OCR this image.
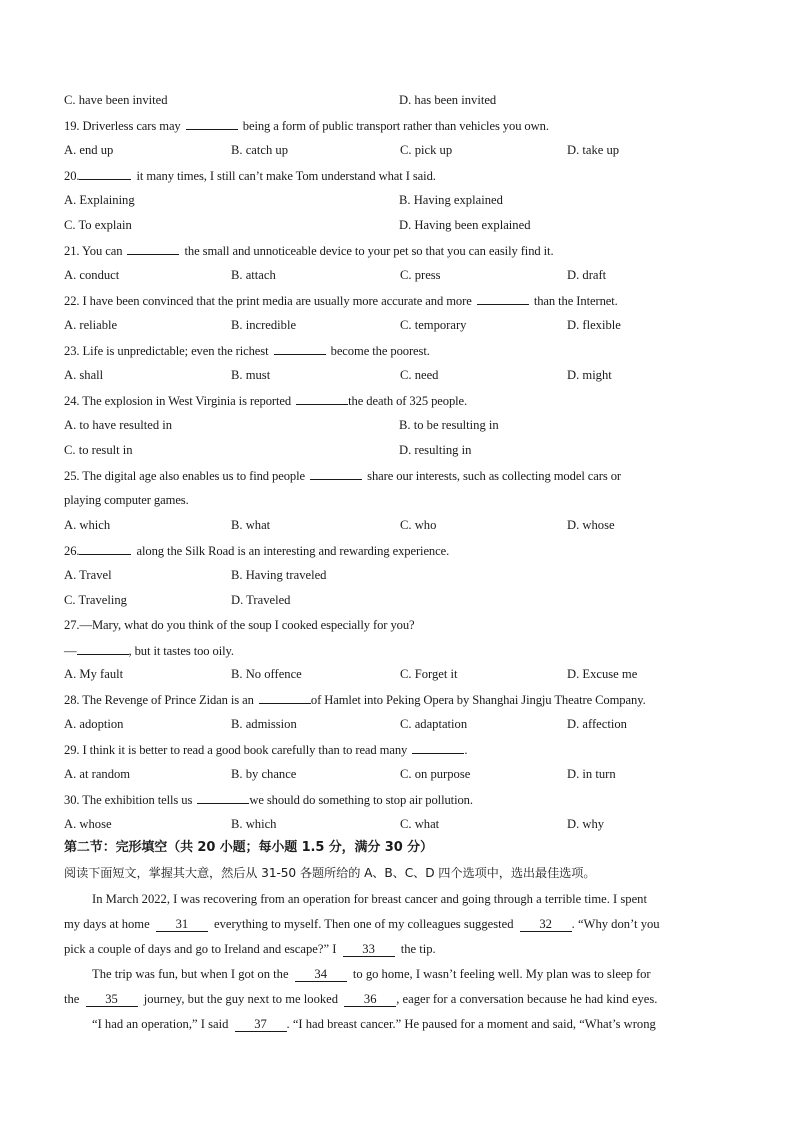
C. have been invited	D. has been invited
19. Driverless cars may	being a form of public transport rather than vehicles you own.
A. end up	B. catch up	C. pick up	D. take up
20.	it many times, I still can’t make Tom understand what I said.
A. Explaining	B. Having explained
C. To explain	D. Having been explained
21. You can	the small and unnoticeable device to your pet so that you can easily find it.
A. conduct	B. attach	C. press	D. draft
22. I have been convinced that the print media are usually more accurate and more	than the Internet.
A. reliable	B. incredible	C. temporary	D. flexible
23. Life is unpredictable; even the richest	become the poorest.
A. shall	B. must	C. need	D. might
24. The explosion in West Virginia is reported	the death of 325 people.
A. to have resulted in	B. to be resulting in
C. to result in	D. resulting in
25. The digital age also enables us to find people	share our interests, such as collecting model cars or
playing computer games.
A. which	B. what	C. who	D. whose
26.	along the Silk Road is an interesting and rewarding experience.
A. Travel	B. Having traveled
C. Traveling	D. Traveled
27.—Mary, what do you think of the soup I cooked especially for you?
—	, but it tastes too oily.
A. My fault	B. No offence	C. Forget it	D. Excuse me
28. The Revenge of Prince Zidan is an	of Hamlet into Peking Opera by Shanghai Jingju Theatre Company.
A. adoption	B. admission	C. adaptation	D. affection
29. I think it is better to read a good book carefully than to read many	.
A. at random	B. by chance	C. on purpose	D. in turn
30. The exhibition tells us	we should do something to stop air pollution.
A. whose	B. which	C. what	D. why
第二节：完形填空（共 20 小题；每小题 1.5 分，满分 30 分）
阅读下面短文，掌握其大意，然后从 31-50 各题所给的 A、B、C、D 四个选项中，选出最佳选项。
In March 2022, I was recovering from an operation for breast cancer and going through a terrible time. I spent
my days at home 31 everything to myself. Then one of my colleagues suggested 32 . “Why don’t you
pick a couple of days and go to Ireland and escape?” I 33 the tip.
The trip was fun, but when I got on the 34 to go home, I wasn’t feeling well. My plan was to sleep for
the 35 journey, but the guy next to me looked 36 , eager for a conversation because he had kind eyes.
“I had an operation,” I said 37 . “I had breast cancer.” He paused for a moment and said, “What’s wrong
